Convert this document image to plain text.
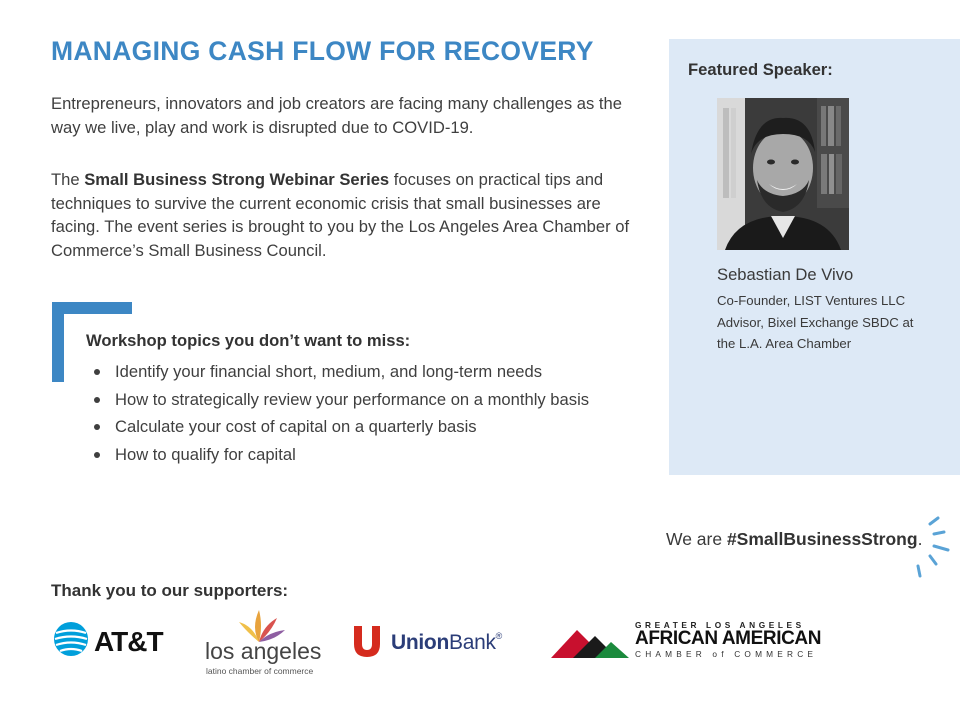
MANAGING CASH FLOW FOR RECOVERY
Entrepreneurs, innovators and job creators are facing many challenges as the way we live, play and work is disrupted due to COVID-19.
The Small Business Strong Webinar Series focuses on practical tips and techniques to survive the current economic crisis that small businesses are facing. The event series is brought to you by the Los Angeles Area Chamber of Commerce’s Small Business Council.
Workshop topics you don’t want to miss:
Identify your financial short, medium, and long-term needs
How to strategically review your performance on a monthly basis
Calculate your cost of capital on a quarterly basis
How to qualify for capital
Featured Speaker:
Sebastian De Vivo
Co-Founder, LIST Ventures LLC
Advisor, Bixel Exchange SBDC at
the L.A. Area Chamber
We are #SmallBusinessStrong.
Thank you to our supporters:
AT&T los angeles
latino chamber of commerce
UnionBank®
GREATER LOS ANGELES
AFRICAN AMERICAN
CHAMBER of COMMERCE
